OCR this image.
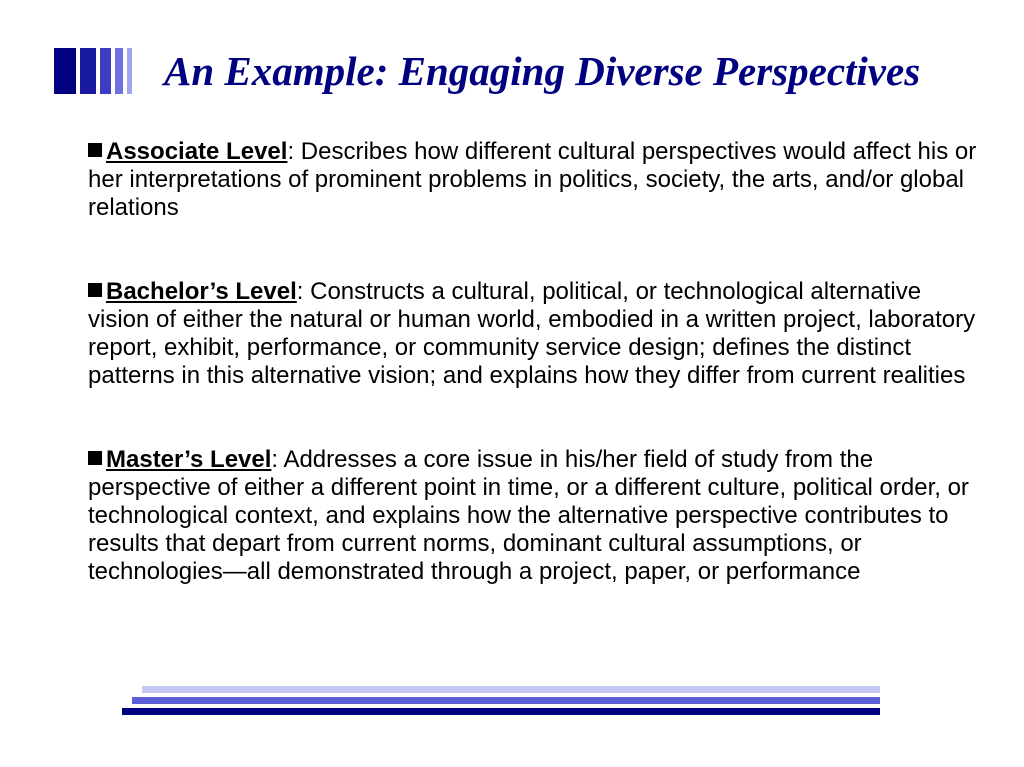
An Example: Engaging Diverse Perspectives
Associate Level: Describes how different cultural perspectives would affect his or her interpretations of prominent problems in politics, society, the arts, and/or global relations
Bachelor’s Level: Constructs a cultural, political, or technological alternative vision of either the natural or human world, embodied in a written project, laboratory report, exhibit, performance, or community service design; defines the distinct patterns in this alternative vision; and explains how they differ from current realities
Master’s Level: Addresses a core issue in his/her field of study from the perspective of either a different point in time, or a different culture, political order, or technological context, and explains how the alternative perspective contributes to results that depart from current norms, dominant cultural assumptions, or technologies—all demonstrated through a project, paper, or performance
